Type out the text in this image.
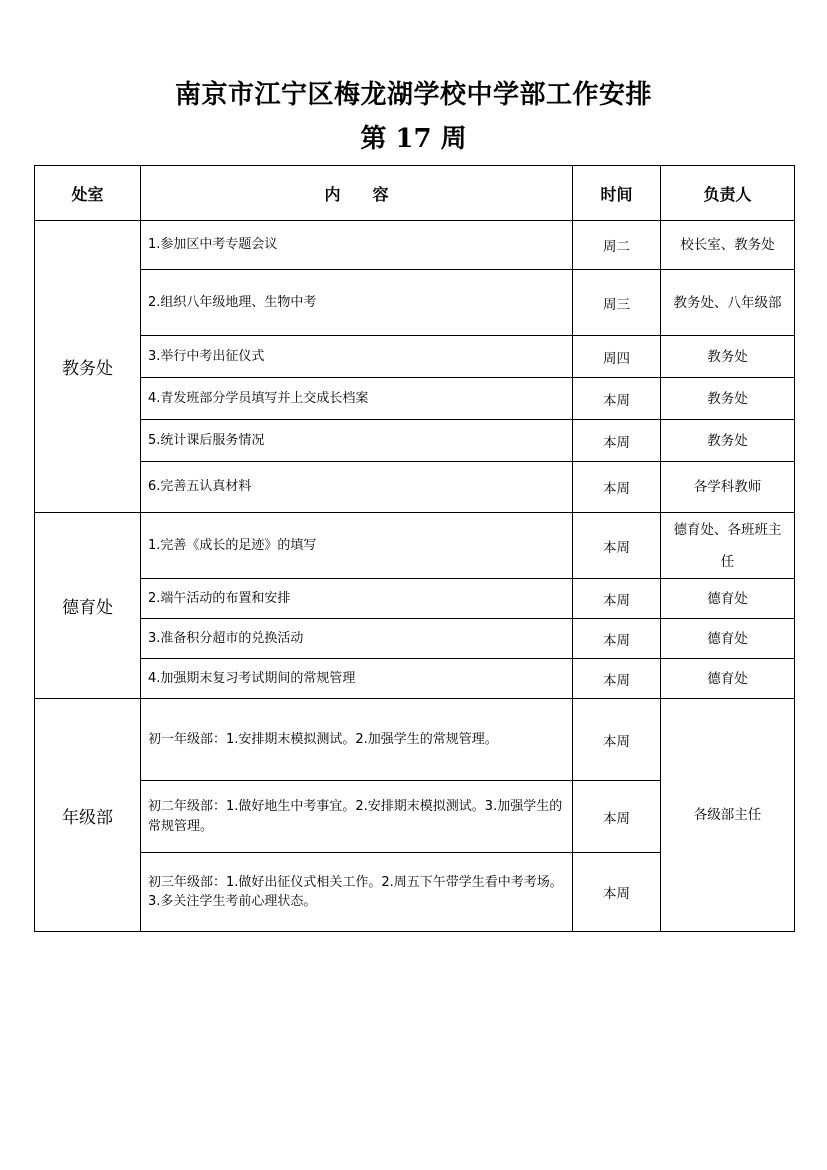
南京市江宁区梅龙湖学校中学部工作安排
第 17 周
处室	内　　容	时间	负责人
教务处	1.参加区中考专题会议	周二	校长室、教务处
	2.组织八年级地理、生物中考	周三	教务处、八年级部
	3.举行中考出征仪式	周四	教务处
	4.青发班部分学员填写并上交成长档案	本周	教务处
	5.统计课后服务情况	本周	教务处
	6.完善五认真材料	本周	各学科教师
德育处	1.完善《成长的足迹》的填写	本周	德育处、各班班主任
	2.端午活动的布置和安排	本周	德育处
	3.准备积分超市的兑换活动	本周	德育处
	4.加强期末复习考试期间的常规管理	本周	德育处
年级部	初一年级部：1.安排期末模拟测试。2.加强学生的常规管理。	本周	各级部主任
	初二年级部：1.做好地生中考事宜。2.安排期末模拟测试。3.加强学生的常规管理。	本周	
	初三年级部：1.做好出征仪式相关工作。2.周五下午带学生看中考考场。3.多关注学生考前心理状态。	本周	
